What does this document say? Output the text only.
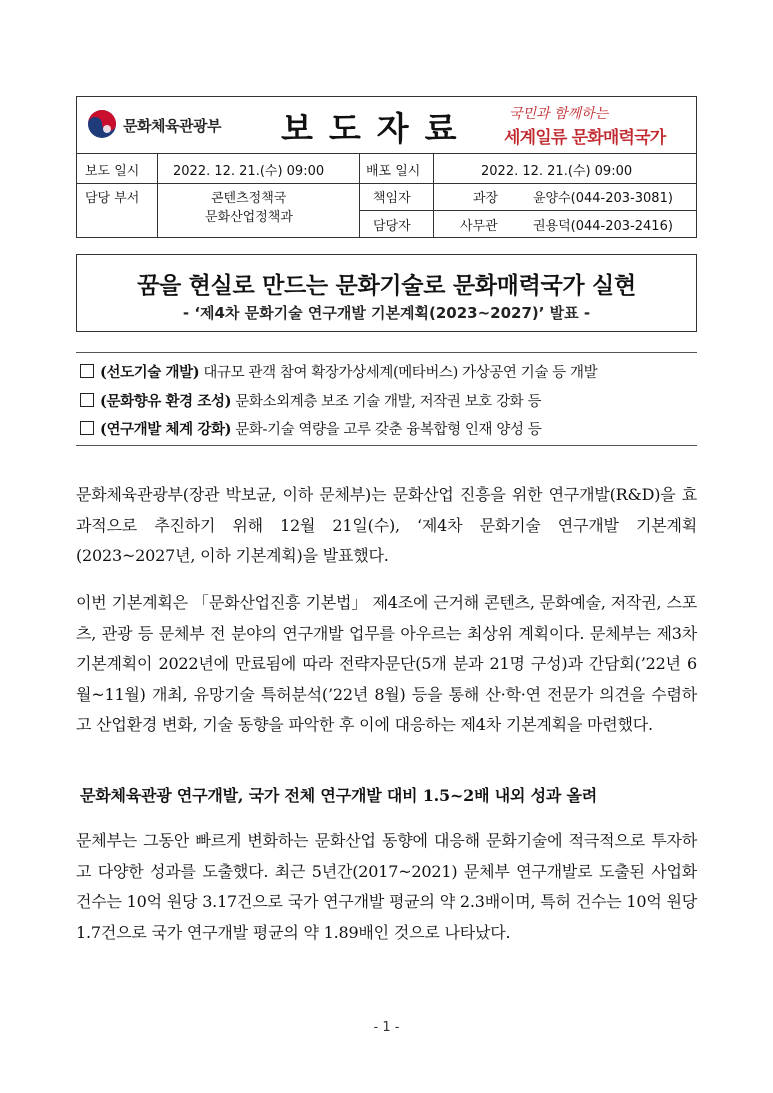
문화체육관광부 보도자료	국민과 함께하는
세계일류 문화매력국가
보도 일시	2022. 12. 21.(수) 09:00	배포 일시	2022. 12. 21.(수) 09:00
담당 부서	콘텐츠정책국
문화산업정책과
책임자	과장	윤양수(044-203-3081)
담당자	사무관	권용덕(044-203-2416)
꿈을 현실로 만드는 문화기술로 문화매력국가 실현
- ‘제4차 문화기술 연구개발 기본계획(2023~2027)’ 발표 -
(선도기술 개발) 대규모 관객 참여 확장가상세계(메타버스) 가상공연 기술 등 개발
(문화향유 환경 조성) 문화소외계층 보조 기술 개발, 저작권 보호 강화 등
(연구개발 체계 강화) 문화-기술 역량을 고루 갖춘 융복합형 인재 양성 등
문화체육관광부(장관 박보균, 이하 문체부)는 문화산업 진흥을 위한 연구개발(R&D)을 효과적으로 추진하기 위해 12월 21일(수), ‘제4차 문화기술 연구개발 기본계획(2023~2027년, 이하 기본계획)을 발표했다.
이번 기본계획은 「문화산업진흥 기본법」 제4조에 근거해 콘텐츠, 문화예술, 저작권, 스포츠, 관광 등 문체부 전 분야의 연구개발 업무를 아우르는 최상위 계획이다. 문체부는 제3차 기본계획이 2022년에 만료됨에 따라 전략자문단(5개 분과 21명 구성)과 간담회(’22년 6월~11월) 개최, 유망기술 특허분석(’22년 8월) 등을 통해 산·학·연 전문가 의견을 수렴하고 산업환경 변화, 기술 동향을 파악한 후 이에 대응하는 제4차 기본계획을 마련했다.
문화체육관광 연구개발, 국가 전체 연구개발 대비 1.5~2배 내외 성과 올려
문체부는 그동안 빠르게 변화하는 문화산업 동향에 대응해 문화기술에 적극적으로 투자하고 다양한 성과를 도출했다. 최근 5년간(2017~2021) 문체부 연구개발로 도출된 사업화 건수는 10억 원당 3.17건으로 국가 연구개발 평균의 약 2.3배이며, 특허 건수는 10억 원당 1.7건으로 국가 연구개발 평균의 약 1.89배인 것으로 나타났다.
- 1 -
